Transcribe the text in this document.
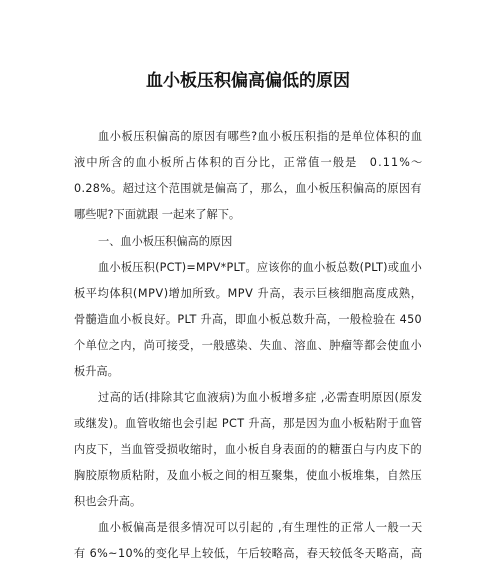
血小板压积偏高偏低的原因
血小板压积偏高的原因有哪些?血小板压积指的是单位体积的血
液中所含的血小板所占体积的百分比，正常值一般是　0.11%～
0.28%。超过这个范围就是偏高了，那么，血小板压积偏高的原因有
哪些呢?下面就跟 一起来了解下。
一、血小板压积偏高的原因
血小板压积(PCT)=MPV*PLT。应该你的血小板总数(PLT)或血小
板平均体积(MPV)增加所致。MPV 升高，表示巨核细胞高度成熟，
骨髓造血小板良好。PLT 升高，即血小板总数升高，一般检验在 450
个单位之内，尚可接受，一般感染、失血、溶血、肿瘤等都会使血小
板升高。
过高的话(排除其它血液病)为血小板增多症 ,必需查明原因(原发
或继发)。血管收缩也会引起 PCT 升高，那是因为血小板粘附于血管
内皮下，当血管受损收缩时，血小板自身表面的的糖蛋白与内皮下的
胸胶原物质粘附，及血小板之间的相互聚集，使血小板堆集，自然压
积也会升高。
血小板偏高是很多情况可以引起的 ,有生理性的正常人一般一天
有 6%~10%的变化早上较低，午后较略高，春天较低冬天略高，高
